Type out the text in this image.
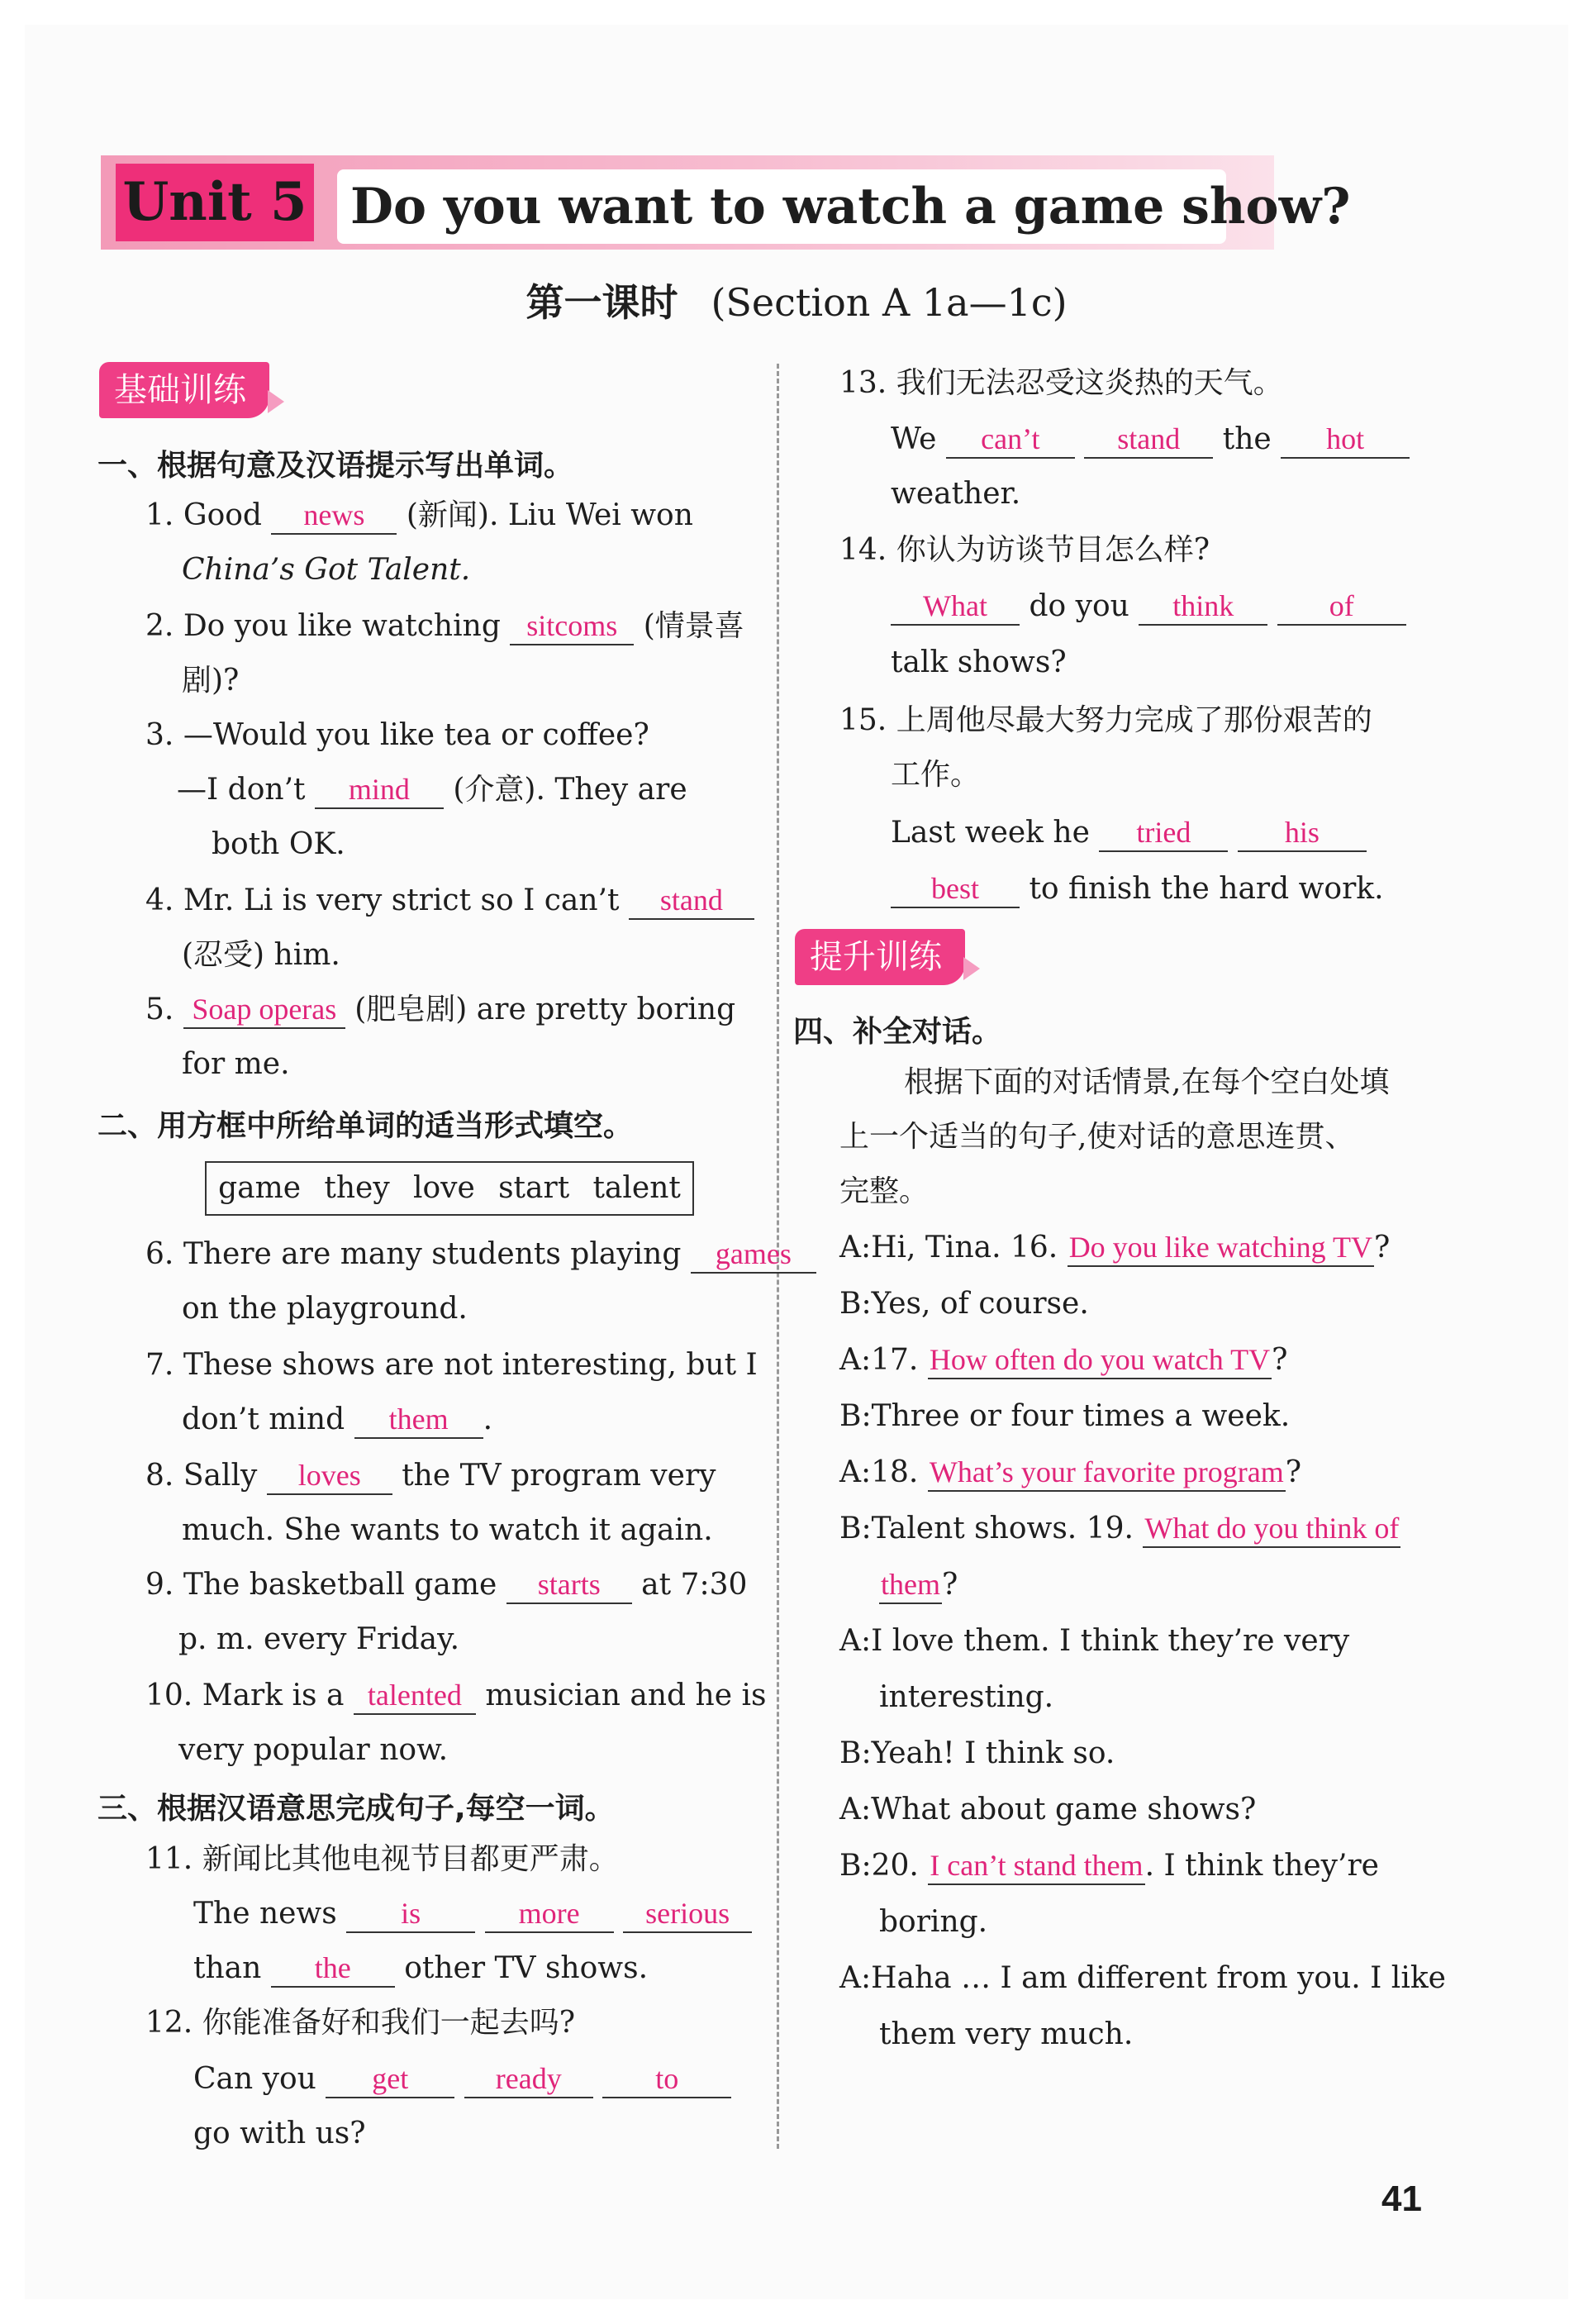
Unit 5 Do you want to watch a game show?
第一课时 (Section A 1a—1c)
基础训练
一、根据句意及汉语提示写出单词。
1. Good news (新闻). Liu Wei won
China’s Got Talent.
2. Do you like watching sitcoms (情景喜
剧)?
3. —Would you like tea or coffee?
—I don’t mind (介意). They are
both OK.
4. Mr. Li is very strict so I can’t stand
(忍受) him.
5. Soap operas (肥皂剧) are pretty boring
for me.
二、用方框中所给单词的适当形式填空。
game they love start talent
6. There are many students playing games
on the playground.
7. These shows are not interesting, but I
don’t mind them .
8. Sally loves the TV program very
much. She wants to watch it again.
9. The basketball game starts at 7:30
p. m. every Friday.
10. Mark is a talented musician and he is
very popular now.
三、根据汉语意思完成句子,每空一词。
11. 新闻比其他电视节目都更严肃。
The news is	more serious
than the other TV shows.
12. 你能准备好和我们一起去吗?
Can you get	ready	to
go with us?
13. 我们无法忍受这炎热的天气。
We can’t	stand the hot
weather.
14. 你认为访谈节目怎么样?
What do you think	of
talk shows?
15. 上周他尽最大努力完成了那份艰苦的
工作。
Last week he tried	his
best to finish the hard work.
提升训练
四、补全对话。
根据下面的对话情景,在每个空白处填
上一个适当的句子,使对话的意思连贯、
完整。
A:Hi, Tina. 16. Do you like watching TV?
B:Yes, of course.
A:17. How often do you watch TV?
B:Three or four times a week.
A:18. What’s your favorite program?
B:Talent shows. 19. What do you think of
them?
A:I love them. I think they’re very
interesting.
B:Yeah! I think so.
A:What about game shows?
B:20. I can’t stand them. I think they’re
boring.
A:Haha … I am different from you. I like
them very much.
41
